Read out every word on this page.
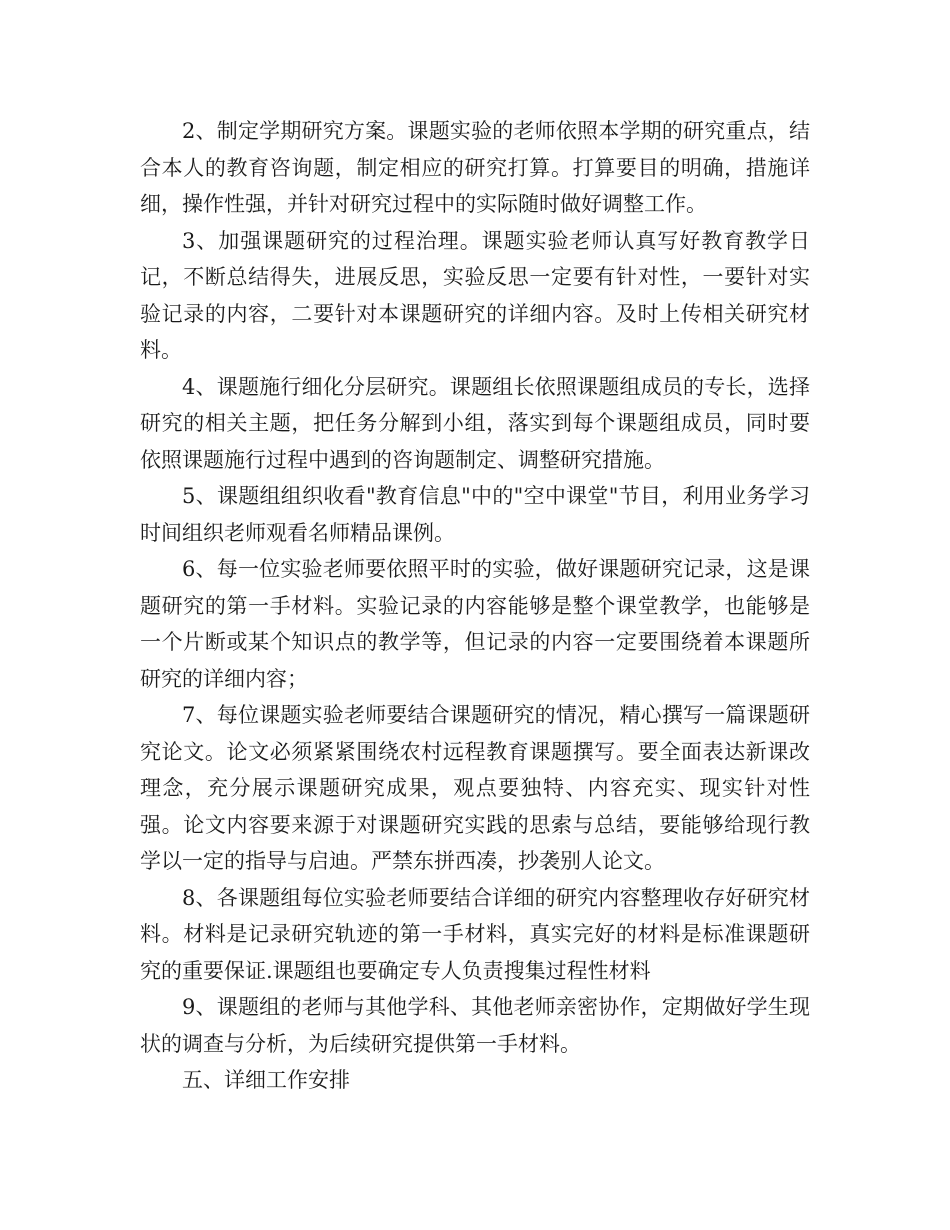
2、制定学期研究方案。课题实验的老师依照本学期的研究重点，结合本人的教育咨询题，制定相应的研究打算。打算要目的明确，措施详细，操作性强，并针对研究过程中的实际随时做好调整工作。

3、加强课题研究的过程治理。课题实验老师认真写好教育教学日记，不断总结得失，进展反思，实验反思一定要有针对性，一要针对实验记录的内容，二要针对本课题研究的详细内容。及时上传相关研究材料。

4、课题施行细化分层研究。课题组长依照课题组成员的专长，选择研究的相关主题，把任务分解到小组，落实到每个课题组成员，同时要依照课题施行过程中遇到的咨询题制定、调整研究措施。

5、课题组组织收看"教育信息"中的"空中课堂"节目，利用业务学习时间组织老师观看名师精品课例。

6、每一位实验老师要依照平时的实验，做好课题研究记录，这是课题研究的第一手材料。实验记录的内容能够是整个课堂教学，也能够是一个片断或某个知识点的教学等，但记录的内容一定要围绕着本课题所研究的详细内容；

7、每位课题实验老师要结合课题研究的情况，精心撰写一篇课题研究论文。论文必须紧紧围绕农村远程教育课题撰写。要全面表达新课改理念，充分展示课题研究成果，观点要独特、内容充实、现实针对性强。论文内容要来源于对课题研究实践的思索与总结，要能够给现行教学以一定的指导与启迪。严禁东拼西凑，抄袭别人论文。

8、各课题组每位实验老师要结合详细的研究内容整理收存好研究材料。材料是记录研究轨迹的第一手材料，真实完好的材料是标准课题研究的重要保证.课题组也要确定专人负责搜集过程性材料

9、课题组的老师与其他学科、其他老师亲密协作，定期做好学生现状的调查与分析，为后续研究提供第一手材料。

五、详细工作安排
